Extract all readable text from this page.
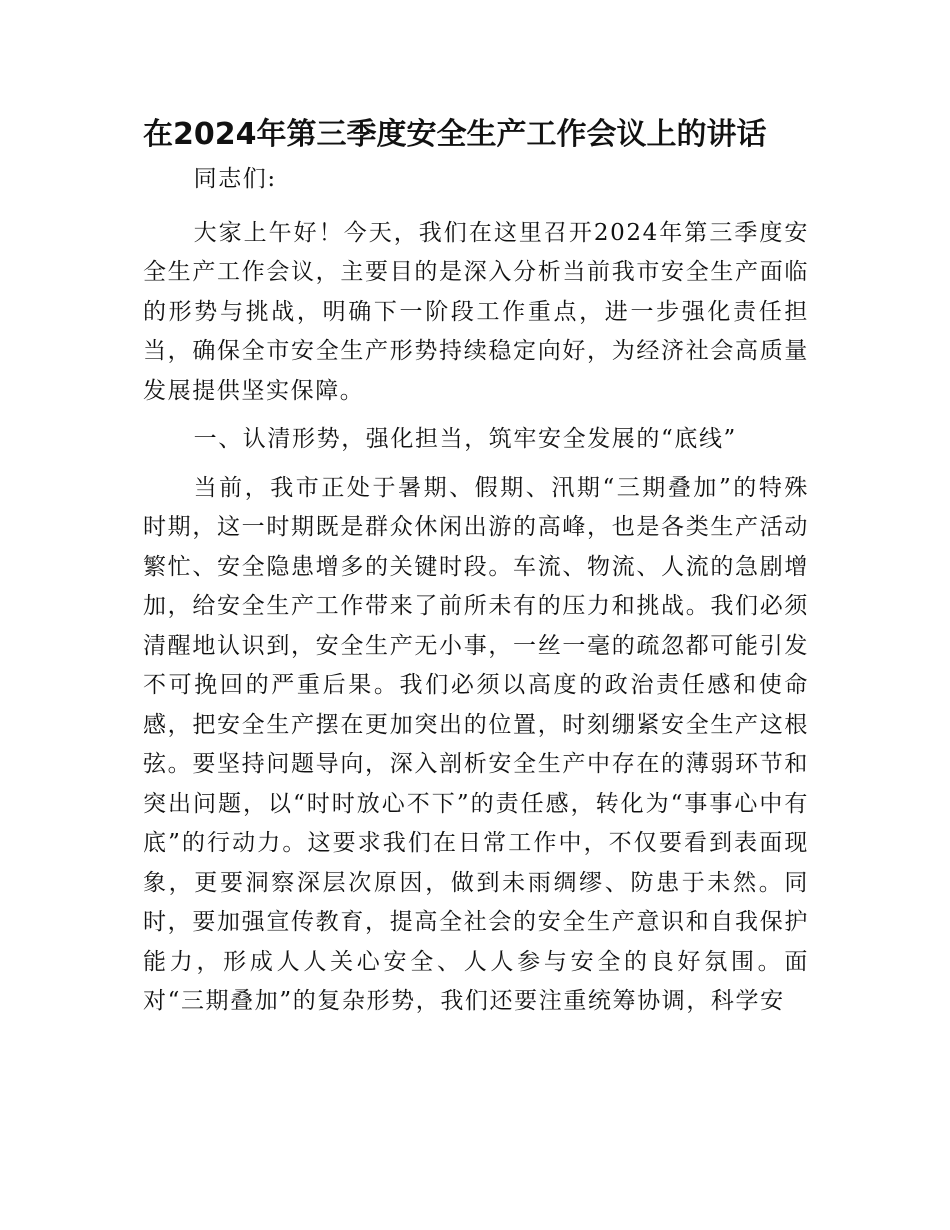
在2024年第三季度安全生产工作会议上的讲话

同志们:

大家上午好！今天，我们在这里召开2024年第三季度安全生产工作会议，主要目的是深入分析当前我市安全生产面临的形势与挑战，明确下一阶段工作重点，进一步强化责任担当，确保全市安全生产形势持续稳定向好，为经济社会高质量发展提供坚实保障。

一、认清形势，强化担当，筑牢安全发展的“底线”

当前，我市正处于暑期、假期、汛期“三期叠加”的特殊时期，这一时期既是群众休闲出游的高峰，也是各类生产活动繁忙、安全隐患增多的关键时段。车流、物流、人流的急剧增加，给安全生产工作带来了前所未有的压力和挑战。我们必须清醒地认识到，安全生产无小事，一丝一毫的疏忽都可能引发不可挽回的严重后果。我们必须以高度的政治责任感和使命感，把安全生产摆在更加突出的位置，时刻绷紧安全生产这根弦。要坚持问题导向，深入剖析安全生产中存在的薄弱环节和突出问题，以“时时放心不下”的责任感，转化为“事事心中有底”的行动力。这要求我们在日常工作中，不仅要看到表面现象，更要洞察深层次原因，做到未雨绸缪、防患于未然。同时，要加强宣传教育，提高全社会的安全生产意识和自我保护能力，形成人人关心安全、人人参与安全的良好氛围。面对“三期叠加”的复杂形势，我们还要注重统筹协调，科学安
